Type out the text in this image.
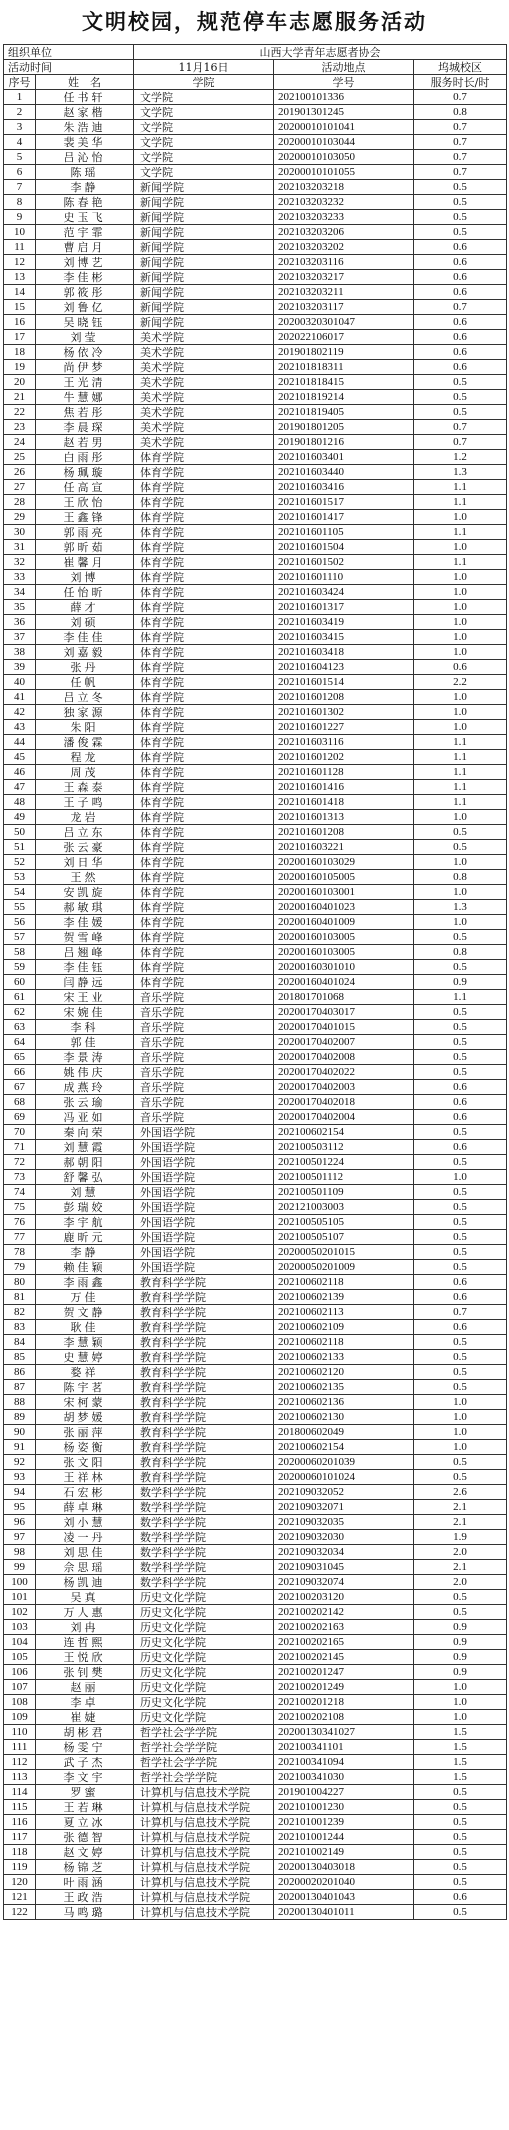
文明校园，规范停车志愿服务活动
组织单位		山西大学青年志愿者协会		
活动时间		11月16日	活动地点	坞城校区
序号	姓　名	学院	学号	服务时长/时
1	任书轩	文学院	202100101336	0.7
2	赵家楷	文学院	201901301245	0.8
3	朱浩迪	文学院	20200010101041	0.7
4	裴美华	文学院	20200010103044	0.7
5	吕沁怡	文学院	20200010103050	0.7
6	陈瑶	文学院	20200010101055	0.7
7	李静	新闻学院	202103203218	0.5
8	陈春艳	新闻学院	202103203232	0.5
9	史玉飞	新闻学院	202103203233	0.5
10	范宇霏	新闻学院	202103203206	0.5
11	曹启月	新闻学院	202103203202	0.6
12	刘博艺	新闻学院	202103203116	0.6
13	李佳彬	新闻学院	202103203217	0.6
14	郭筱彤	新闻学院	202103203211	0.6
15	刘鲁亿	新闻学院	202103203117	0.7
16	吴晓钰	新闻学院	20200320301047	0.6
17	刘莹	美术学院	202022106017	0.6
18	杨依冷	美术学院	201901802119	0.6
19	尚伊梦	美术学院	202101818311	0.6
20	王光清	美术学院	202101818415	0.5
21	牛慧娜	美术学院	202101819214	0.5
22	焦若彤	美术学院	202101819405	0.5
23	李晨琛	美术学院	201901801205	0.7
24	赵若男	美术学院	201901801216	0.7
25	白雨彤	体育学院	202101603401	1.2
26	杨珮璇	体育学院	202101603440	1.3
27	任高宣	体育学院	202101603416	1.1
28	王欣怡	体育学院	202101601517	1.1
29	王鑫锋	体育学院	202101601417	1.0
30	郭雨亮	体育学院	202101601105	1.1
31	郭昕茹	体育学院	202101601504	1.0
32	崔馨月	体育学院	202101601502	1.1
33	刘博	体育学院	202101601110	1.0
34	任怡昕	体育学院	202101603424	1.0
35	薛才	体育学院	202101601317	1.0
36	刘硕	体育学院	202101603419	1.0
37	李佳佳	体育学院	202101603415	1.0
38	刘嘉毅	体育学院	202101603418	1.0
39	张丹	体育学院	202101604123	0.6
40	任帆	体育学院	202101601514	2.2
41	吕立冬	体育学院	202101601208	1.0
42	独家源	体育学院	202101601302	1.0
43	朱阳	体育学院	202101601227	1.0
44	潘俊霖	体育学院	202101603116	1.1
45	程龙	体育学院	202101601202	1.1
46	周茂	体育学院	202101601128	1.1
47	王森泰	体育学院	202101601416	1.1
48	王子鸣	体育学院	202101601418	1.1
49	龙岩	体育学院	202101601313	1.0
50	吕立东	体育学院	202101601208	0.5
51	张云豪	体育学院	202101603221	0.5
52	刘日华	体育学院	20200160103029	1.0
53	王然	体育学院	20200160105005	0.8
54	安凯旋	体育学院	20200160103001	1.0
55	郝敏琪	体育学院	20200160401023	1.3
56	李佳媛	体育学院	20200160401009	1.0
57	贺雪峰	体育学院	20200160103005	0.5
58	吕翘峰	体育学院	20200160103005	0.8
59	李佳钰	体育学院	20200160301010	0.5
60	闫静远	体育学院	20200160401024	0.9
61	宋王业	音乐学院	201801701068	1.1
62	宋婉佳	音乐学院	20200170403017	0.5
63	李科	音乐学院	20200170401015	0.5
64	郭佳	音乐学院	20200170402007	0.5
65	李景涛	音乐学院	20200170402008	0.5
66	姚伟庆	音乐学院	20200170402022	0.5
67	成燕玲	音乐学院	20200170402003	0.6
68	张云瑜	音乐学院	20200170402018	0.6
69	冯亚如	音乐学院	20200170402004	0.6
70	秦向荣	外国语学院	202100602154	0.5
71	刘慧霞	外国语学院	202100503112	0.6
72	郝朝阳	外国语学院	202100501224	0.5
73	舒馨弘	外国语学院	202100501112	1.0
74	刘慧	外国语学院	202100501109	0.5
75	彭瑞姣	外国语学院	202121003003	0.5
76	李宇航	外国语学院	202100505105	0.5
77	鹿昕元	外国语学院	202100505107	0.5
78	李静	外国语学院	20200050201015	0.5
79	赖佳颖	外国语学院	20200050201009	0.5
80	李雨鑫	教育科学学院	202100602118	0.6
81	万佳	教育科学学院	202100602139	0.6
82	贺文静	教育科学学院	202100602113	0.7
83	耿佳	教育科学学院	202100602109	0.6
84	李慧颖	教育科学学院	202100602118	0.5
85	史慧婷	教育科学学院	202100602133	0.5
86	婺祥	教育科学学院	202100602120	0.5
87	陈宇茗	教育科学学院	202100602135	0.5
88	宋柯蒙	教育科学学院	202100602136	1.0
89	胡梦媛	教育科学学院	202100602130	1.0
90	张丽萍	教育科学学院	201800602049	1.0
91	杨姿衡	教育科学学院	202100602154	1.0
92	张文阳	教育科学学院	20200060201039	0.5
93	王祥林	教育科学学院	20200060101024	0.5
94	石宏彬	数学科学学院	202109032052	2.6
95	薛卓琳	数学科学学院	202109032071	2.1
96	刘小慧	数学科学学院	202109032035	2.1
97	凌一丹	数学科学学院	202109032030	1.9
98	刘思佳	数学科学学院	202109032034	2.0
99	佘思瑶	数学科学学院	202109031045	2.1
100	杨凯迪	数学科学学院	202109032074	2.0
101	吴真	历史文化学院	202100203120	0.5
102	万人惠	历史文化学院	202100202142	0.5
103	刘冉	历史文化学院	202100202163	0.9
104	连哲熙	历史文化学院	202100202165	0.9
105	王悦欣	历史文化学院	202100202145	0.9
106	张钊樊	历史文化学院	202100201247	0.9
107	赵丽	历史文化学院	202100201249	1.0
108	李卓	历史文化学院	202100201218	1.0
109	崔婕	历史文化学院	202100202108	1.0
110	胡彬君	哲学社会学学院	20200130341027	1.5
111	杨雯宁	哲学社会学学院	202100341101	1.5
112	武子杰	哲学社会学学院	202100341094	1.5
113	李文宇	哲学社会学学院	202100341030	1.5
114	罗蜜	计算机与信息技术学院	201901004227	0.5
115	王若琳	计算机与信息技术学院	202101001230	0.5
116	夏立冰	计算机与信息技术学院	202101001239	0.5
117	张德智	计算机与信息技术学院	202101001244	0.5
118	赵文婷	计算机与信息技术学院	202101002149	0.5
119	杨锦芝	计算机与信息技术学院	20200130403018	0.5
120	叶雨涵	计算机与信息技术学院	20200020201040	0.5
121	王政浩	计算机与信息技术学院	20200130401043	0.6
122	马鸣璐	计算机与信息技术学院	20200130401011	0.5
